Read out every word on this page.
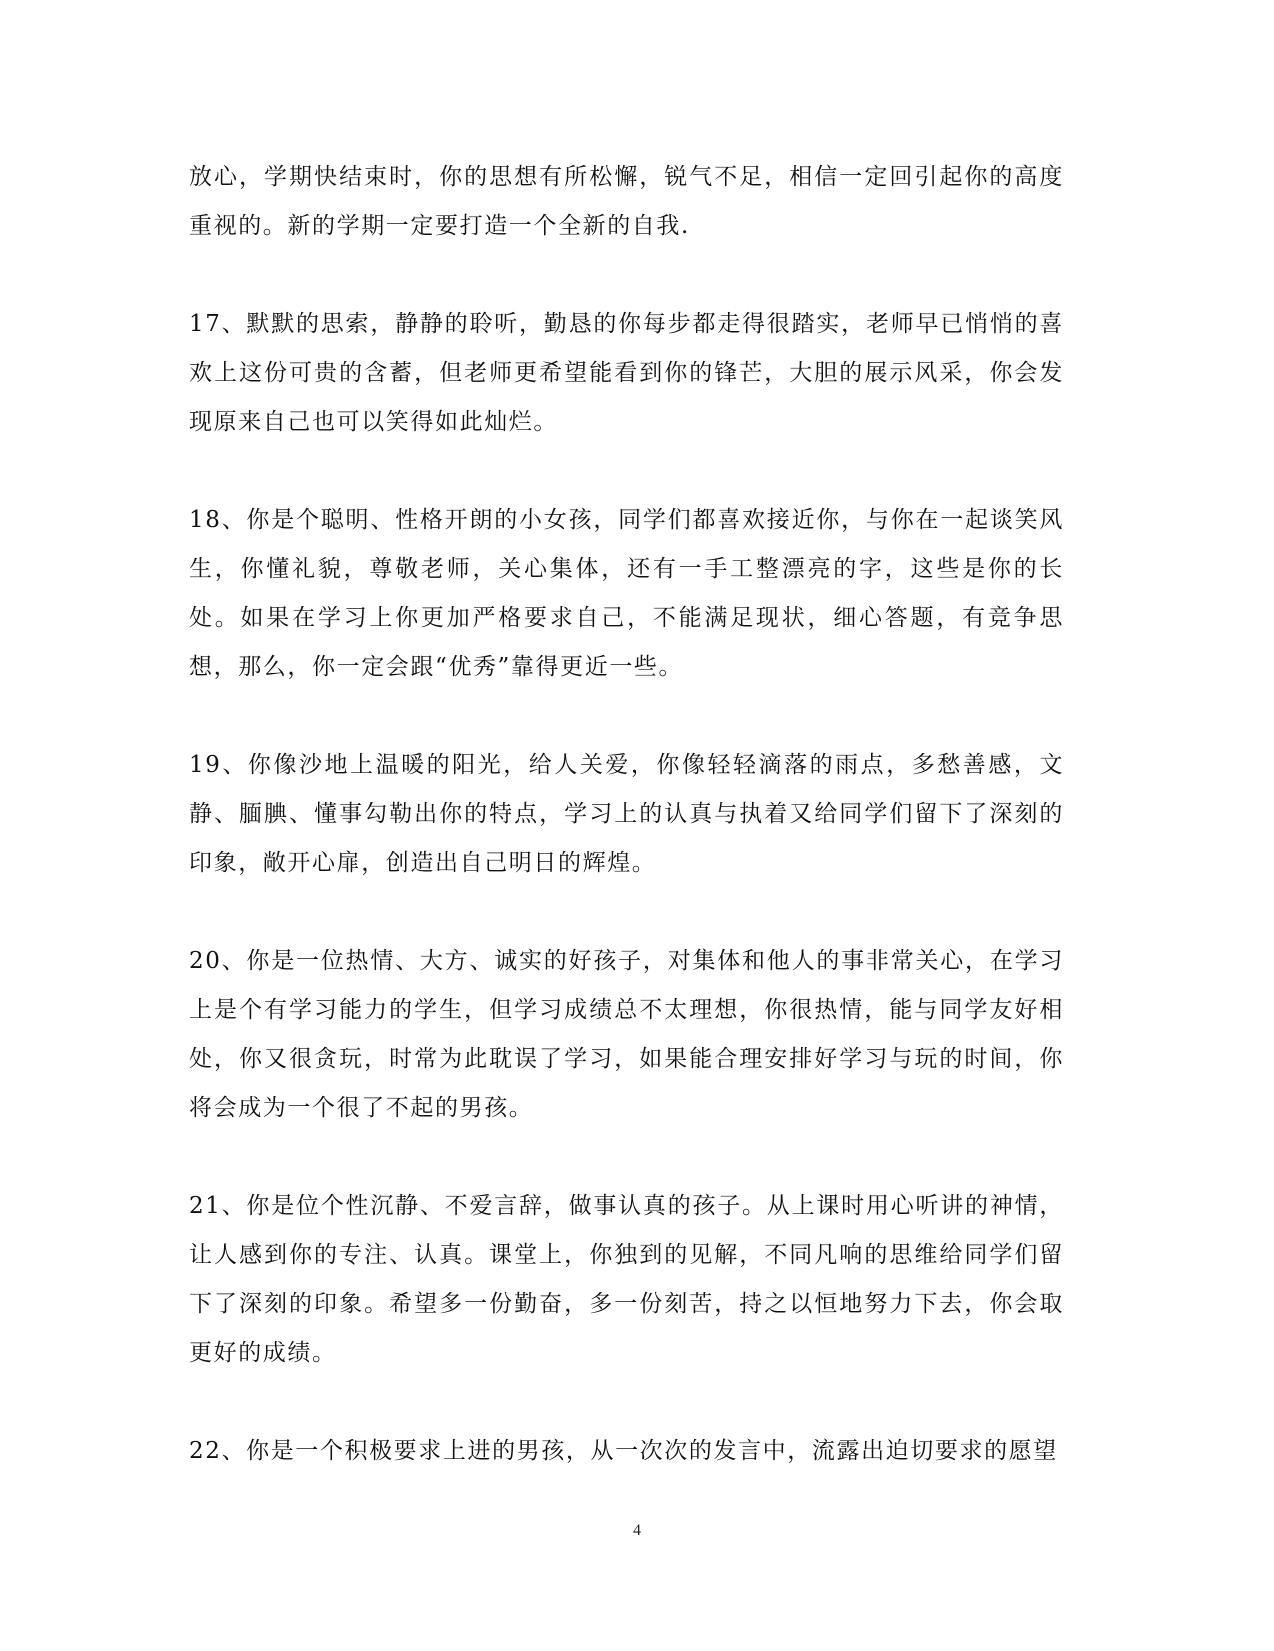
放心，学期快结束时，你的思想有所松懈，锐气不足，相信一定回引起你的高度重视的。新的学期一定要打造一个全新的自我.

17、默默的思索，静静的聆听，勤恳的你每步都走得很踏实，老师早已悄悄的喜欢上这份可贵的含蓄，但老师更希望能看到你的锋芒，大胆的展示风采，你会发现原来自己也可以笑得如此灿烂。

18、你是个聪明、性格开朗的小女孩，同学们都喜欢接近你，与你在一起谈笑风生，你懂礼貌，尊敬老师，关心集体，还有一手工整漂亮的字，这些是你的长处。如果在学习上你更加严格要求自己，不能满足现状，细心答题，有竞争思想，那么，你一定会跟“优秀”靠得更近一些。

19、你像沙地上温暖的阳光，给人关爱，你像轻轻滴落的雨点，多愁善感，文静、腼腆、懂事勾勒出你的特点，学习上的认真与执着又给同学们留下了深刻的印象，敞开心扉，创造出自己明日的辉煌。

20、你是一位热情、大方、诚实的好孩子，对集体和他人的事非常关心，在学习上是个有学习能力的学生，但学习成绩总不太理想，你很热情，能与同学友好相处，你又很贪玩，时常为此耽误了学习，如果能合理安排好学习与玩的时间，你将会成为一个很了不起的男孩。

21、你是位个性沉静、不爱言辞，做事认真的孩子。从上课时用心听讲的神情，让人感到你的专注、认真。课堂上，你独到的见解，不同凡响的思维给同学们留下了深刻的印象。希望多一份勤奋，多一份刻苦，持之以恒地努力下去，你会取更好的成绩。

22、你是一个积极要求上进的男孩，从一次次的发言中，流露出迫切要求的愿望

4
